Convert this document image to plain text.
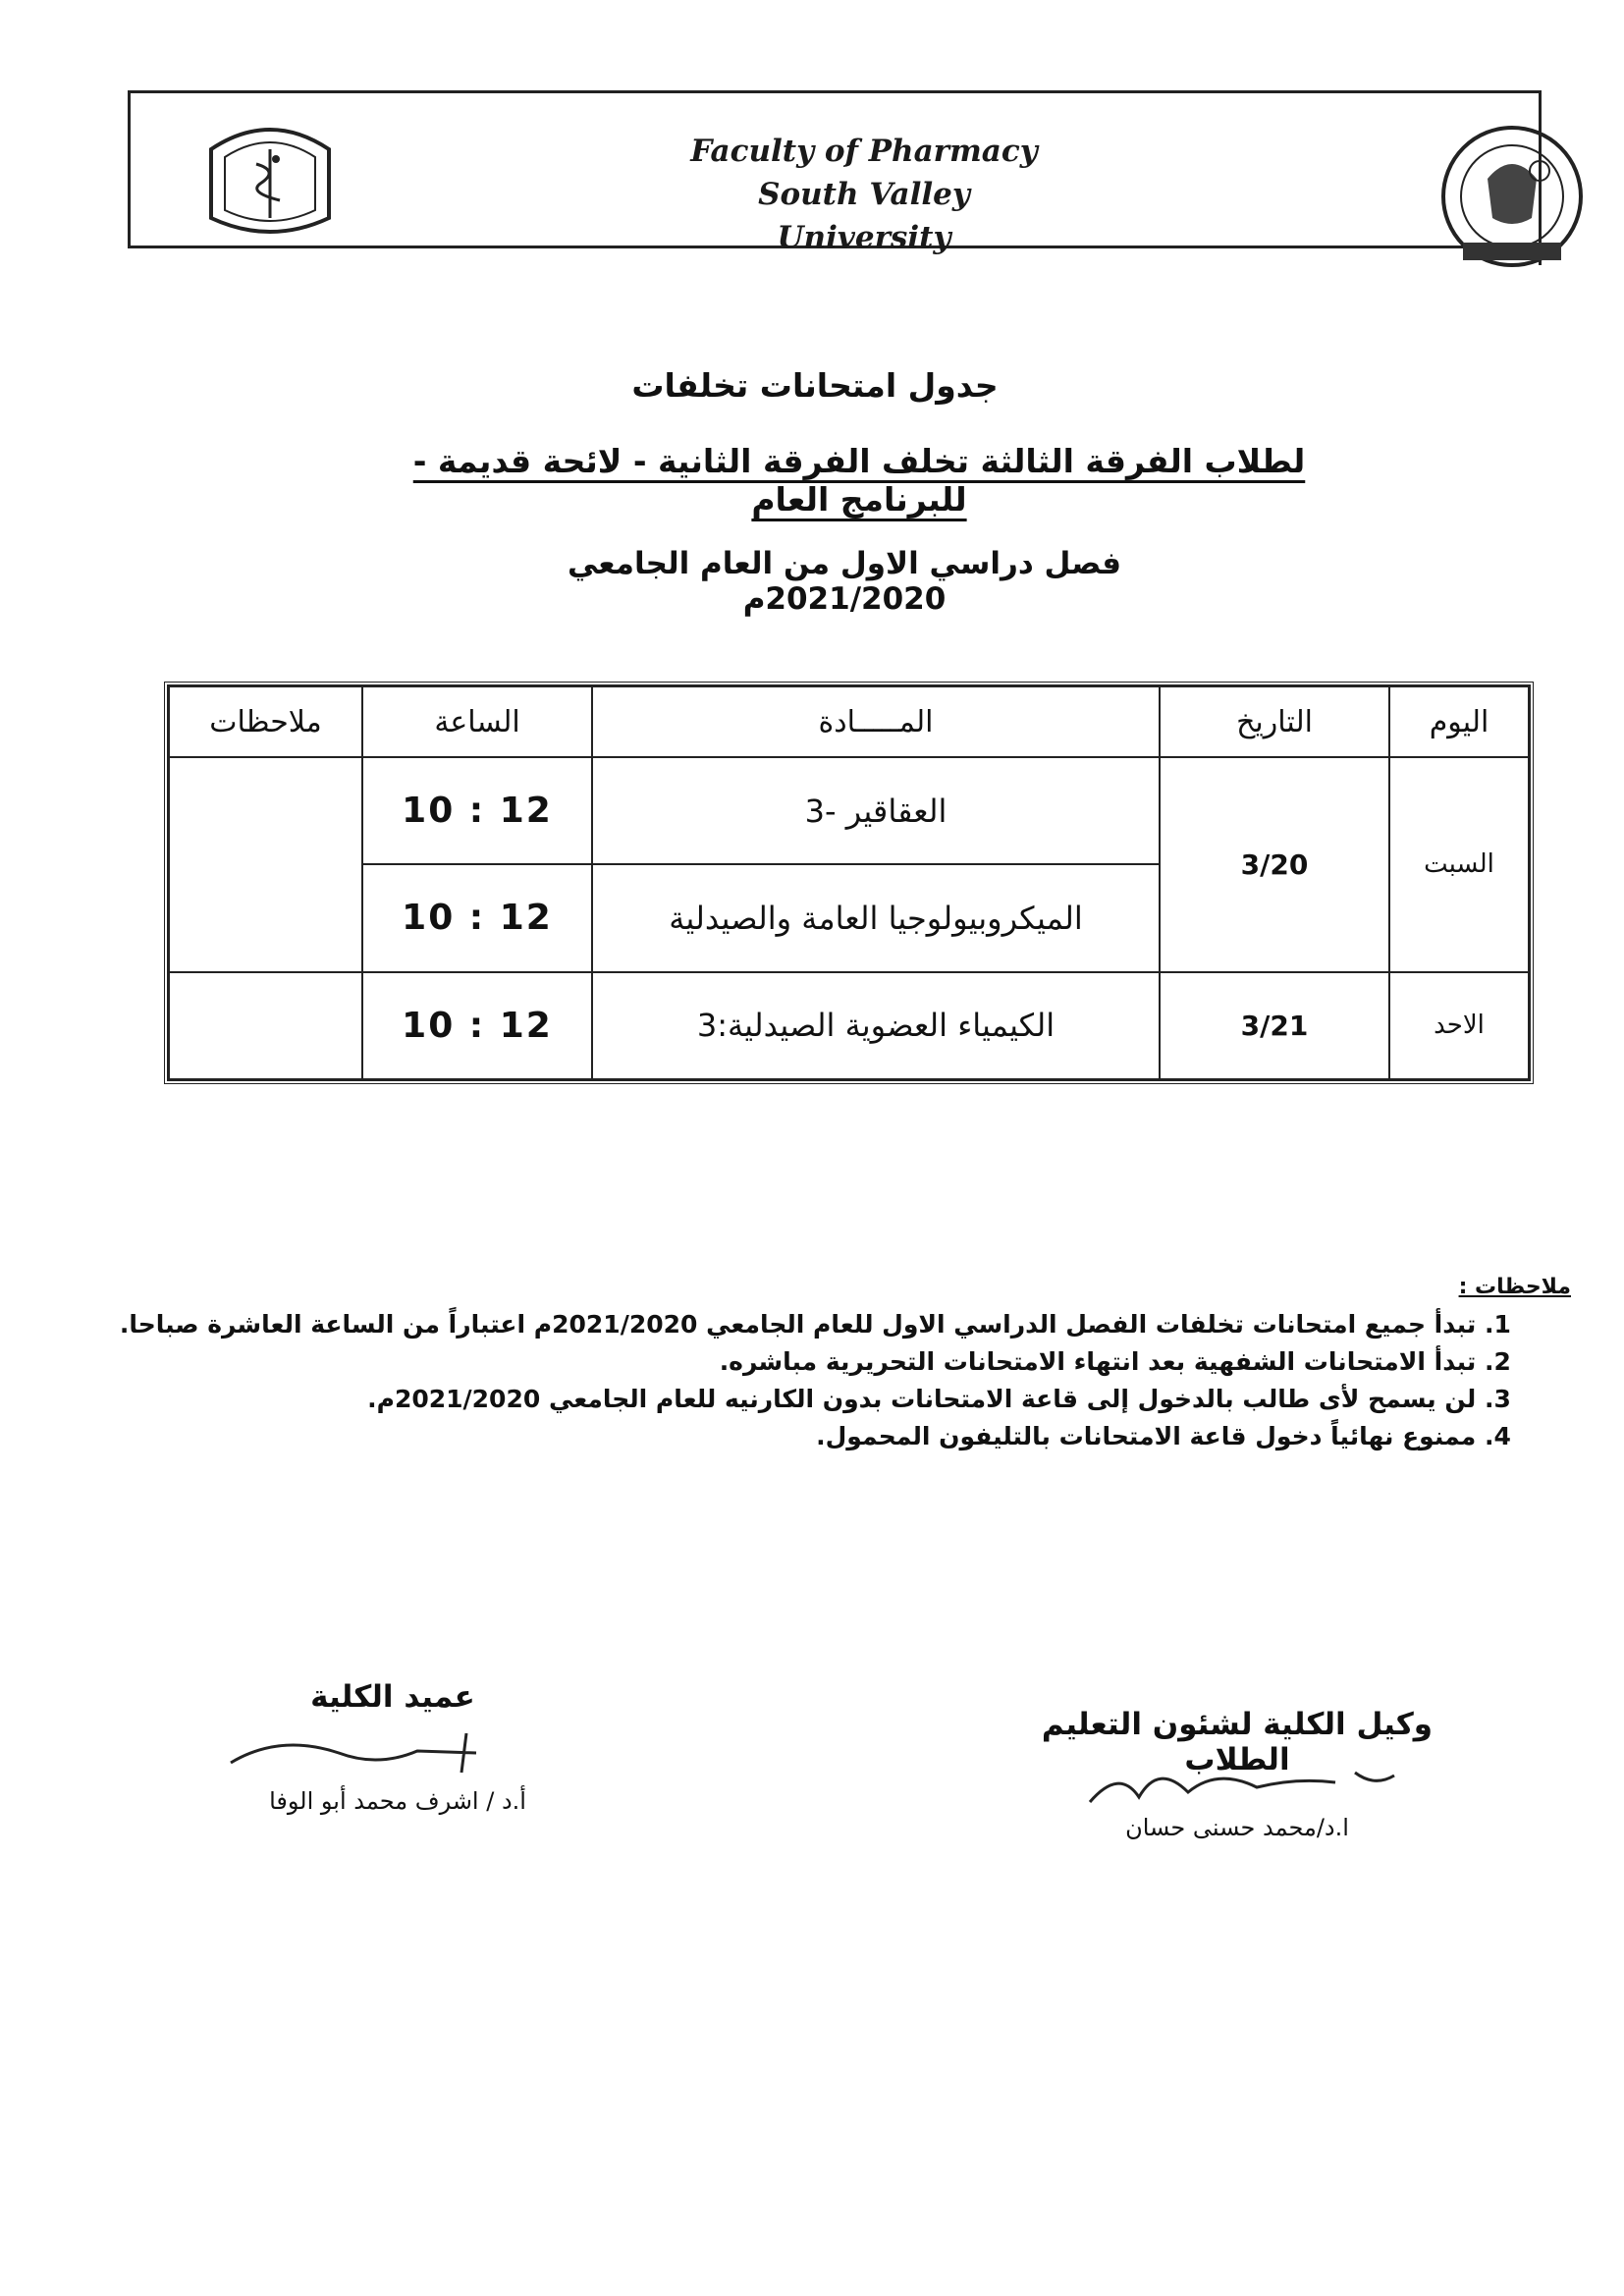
Faculty of Pharmacy
South Valley University
جدول امتحانات تخلفات
لطلاب الفرقة الثالثة تخلف الفرقة الثانية - لائحة قديمة - للبرنامج العام
فصل دراسي الاول من العام الجامعي 2021/2020م
اليوم	التاريخ	المـــــادة	الساعة	ملاحظات
السبت	3/20	العقاقير -3	10 : 12	
		الميكروبيولوجيا العامة والصيدلية	10 : 12	
الاحد	3/21	الكيمياء العضوية الصيدلية:3	10 : 12	
ملاحظات :
1. تبدأ جميع امتحانات تخلفات الفصل الدراسي الاول للعام الجامعي 2021/2020م اعتباراً من الساعة العاشرة صباحا.
2. تبدأ الامتحانات الشفهية بعد انتهاء الامتحانات التحريرية مباشره.
3. لن يسمح لأى طالب بالدخول إلى قاعة الامتحانات بدون الكارنيه للعام الجامعي 2021/2020م.
4. ممنوع نهائياً دخول قاعة الامتحانات بالتليفون المحمول.
عميد الكلية
أ.د / اشرف محمد أبو الوفا
وكيل الكلية لشئون التعليم الطلاب
ا.د/محمد حسنى حسان
